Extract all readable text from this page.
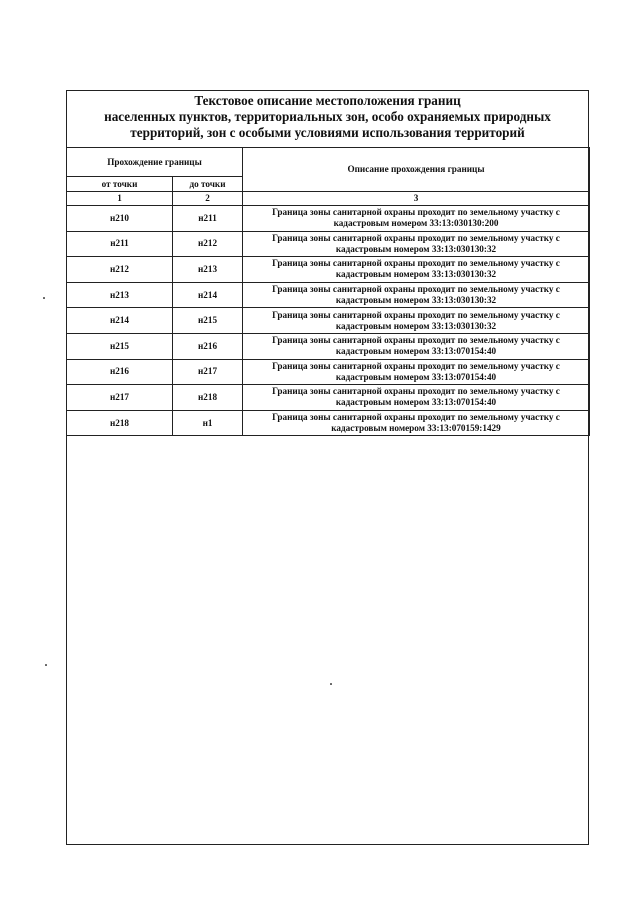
Текстовое описание местоположения границ
населенных пунктов, территориальных зон, особо охраняемых природных
территорий, зон с особыми условиями использования территорий
Прохождение границы		Описание прохождения границы
от точки	до точки	
1	2	3
н210	н211	Граница зоны санитарной охраны проходит по земельному участку с
кадастровым номером 33:13:030130:200

н211	н212	Граница зоны санитарной охраны проходит по земельному участку с
кадастровым номером 33:13:030130:32

н212	н213	Граница зоны санитарной охраны проходит по земельному участку с
кадастровым номером 33:13:030130:32

н213	н214	Граница зоны санитарной охраны проходит по земельному участку с
кадастровым номером 33:13:030130:32

н214	н215	Граница зоны санитарной охраны проходит по земельному участку с
кадастровым номером 33:13:030130:32

н215	н216	Граница зоны санитарной охраны проходит по земельному участку с
кадастровым номером 33:13:070154:40

н216	н217	Граница зоны санитарной охраны проходит по земельному участку с
кадастровым номером 33:13:070154:40

н217	н218	Граница зоны санитарной охраны проходит по земельному участку с
кадастровым номером 33:13:070154:40

н218	н1	Граница зоны санитарной охраны проходит по земельному участку с
кадастровым номером 33:13:070159:1429
